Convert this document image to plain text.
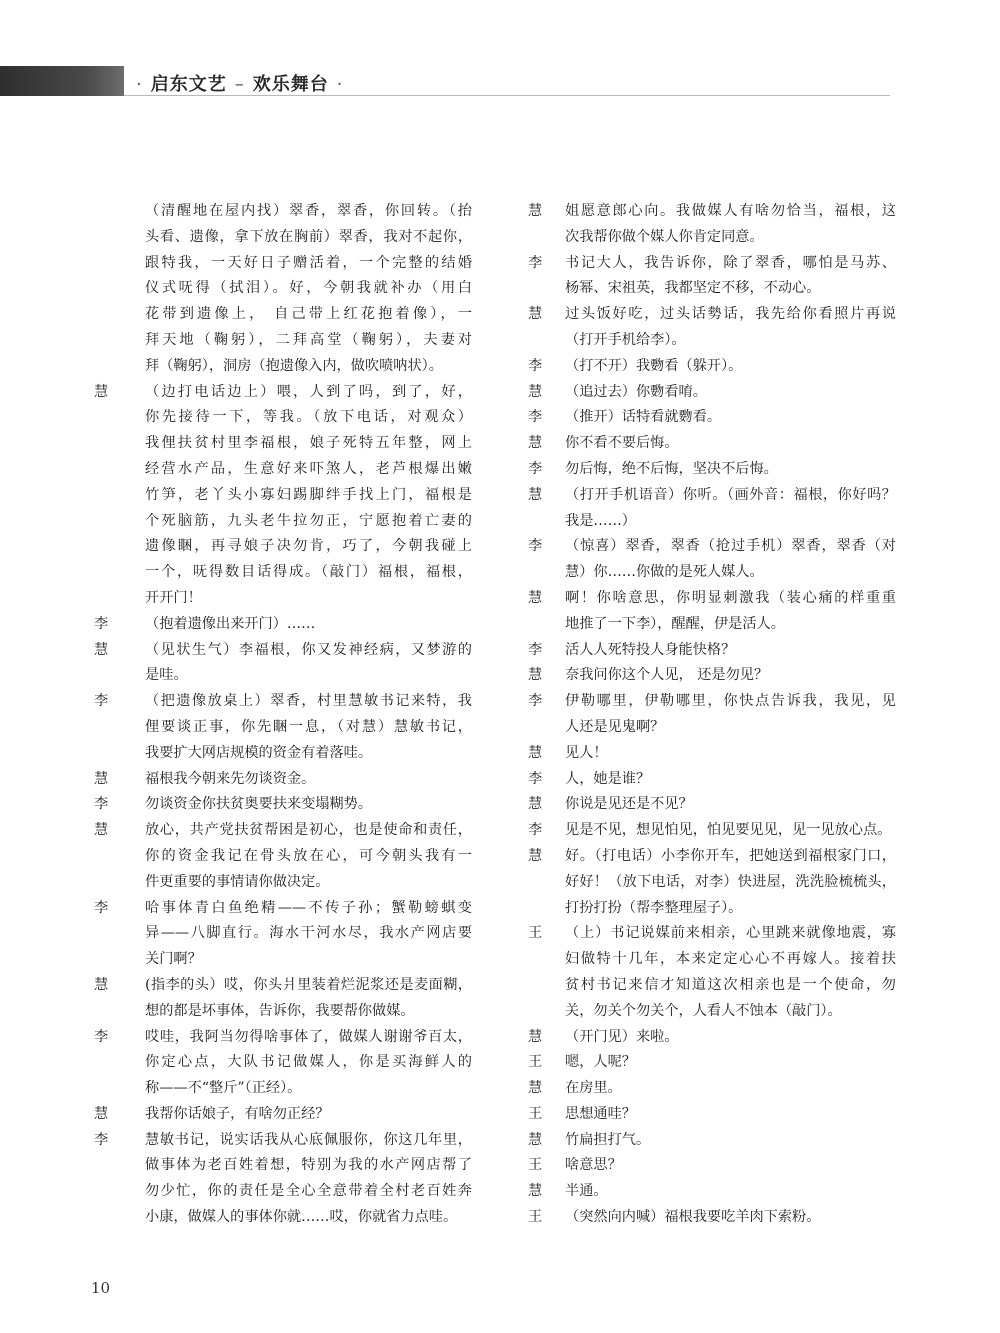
· 启东文艺 – 欢乐舞台 ·
（清醒地在屋内找）翠香，翠香，你回转。（抬
头看、遗像，拿下放在胸前）翠香，我对不起你，
跟特我，一天好日子赠活着，一个完整的结婚
仪式呒得（拭泪）。好，今朝我就补办（用白
花带到遗像上， 自己带上红花抱着像），一
拜天地（鞠躬），二拜高堂（鞠躬），夫妻对
拜（鞠躬），洞房（抱遗像入内，做吹喷呐状）。
慧	（边打电话边上）喂，人到了吗，到了，好，
你先接待一下，等我。（放下电话，对观众）
我俚扶贫村里李福根，娘子死特五年整，网上
经营水产品，生意好来吓煞人，老芦根爆出嫩
竹笋，老丫头小寡妇踢脚绊手找上门，福根是
个死脑筋，九头老牛拉勿正，宁愿抱着亡妻的
遗像睏，再寻娘子决勿肯，巧了，今朝我碰上
一个，呒得数目话得成。（敲门）福根，福根，
开开门！
李	（抱着遗像出来开门）……
慧	（见状生气）李福根，你又发神经病，又梦游的
是哇。
李	（把遗像放桌上）翠香，村里慧敏书记来特，我
俚要谈正事，你先睏一息，（对慧）慧敏书记，
我要扩大网店规模的资金有着落哇。
慧	福根我今朝来先勿谈资金。
李	勿谈资金你扶贫奥要扶来变塌糊势。
慧	放心，共产党扶贫帮困是初心，也是使命和责任，
你的资金我记在骨头放在心，可今朝头我有一
件更重要的事情请你做决定。
李	哈事体青白鱼绝精——不传子孙；蟹勒螃蜞变
异——八脚直行。海水干河水尽，我水产网店要
关门啊？
慧	(指李的头）哎，你头爿里装着烂泥浆还是麦面糊，
想的都是坏事体，告诉你，我要帮你做媒。
李	哎哇，我阿当勿得啥事体了，做媒人谢谢爷百太，
你定心点，大队书记做媒人，你是买海鲜人的
称——不“整斤”（正经）。
慧	我帮你话娘子，有啥勿正经？
李	慧敏书记，说实话我从心底佩服你，你这几年里，
做事体为老百姓着想，特别为我的水产网店帮了
勿少忙，你的责任是全心全意带着全村老百姓奔
小康，做媒人的事体你就……哎，你就省力点哇。
慧	姐愿意郎心向。我做媒人有啥勿恰当，福根，这
次我帮你做个媒人你肯定同意。
李	书记大人，我告诉你，除了翠香，哪怕是马苏、
杨幂、宋祖英，我都坚定不移，不动心。
慧	过头饭好吃，过头话勢话，我先给你看照片再说
（打开手机给李）。
李	（打不开）我覅看（躲开）。
慧	（追过去）你覅看唷。
李	（推开）话特看就覅看。
慧	你不看不要后悔。
李	勿后悔，绝不后悔，坚决不后悔。
慧	（打开手机语音）你听。（画外音：福根，你好吗？
我是……）
李	（惊喜）翠香，翠香（抢过手机）翠香，翠香（对
慧）你……你做的是死人媒人。
慧	啊！你啥意思，你明显刺激我（装心痛的样重重
地推了一下李），醒醒，伊是活人。
李	活人人死特投人身能快格？
慧	奈我问你这个人见， 还是勿见？
李	伊勒哪里，伊勒哪里，你快点告诉我，我见，见
人还是见鬼啊？
慧	见人！
李	人，她是谁？
慧	你说是见还是不见？
李	见是不见，想见怕见，怕见要见见，见一见放心点。
慧	好。（打电话）小李你开车，把她送到福根家门口，
好好！（放下电话，对李）快进屋，洗洗脸梳梳头，
打扮打扮（帮李整理屋子）。
王	（上）书记说媒前来相亲，心里跳来就像地震，寡
妇做特十几年，本来定定心心不再嫁人。接着扶
贫村书记来信才知道这次相亲也是一个使命，勿
关，勿关个勿关个，人看人不蚀本（敲门）。
慧	（开门见）来啦。
王	嗯，人呢？
慧	在房里。
王	思想通哇？
慧	竹扁担打气。
王	啥意思？
慧	半通。
王	（突然向内喊）福根我要吃羊肉下索粉。
10
